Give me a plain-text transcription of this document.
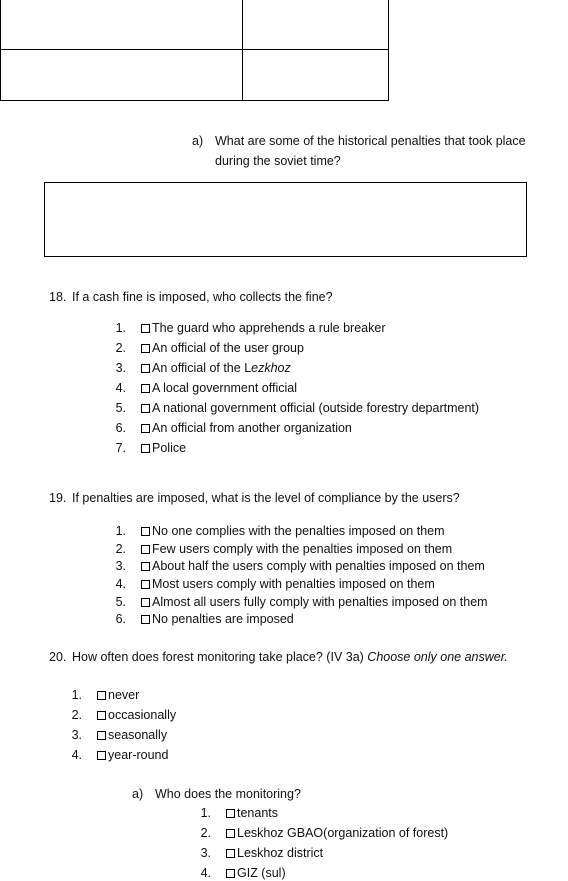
a) What are some of the historical penalties that took place
during the soviet time?
18. If a cash fine is imposed, who collects the fine?
1.	The guard who apprehends a rule breaker
2.	An official of the user group
3.	An official of the Lezkhoz
4.	A local government official
5.	A national government official (outside forestry department)
6.	An official from another organization
7.	Police
19. If penalties are imposed, what is the level of compliance by the users?
1.	No one complies with the penalties imposed on them
2.	Few users comply with the penalties imposed on them
3.	About half the users comply with penalties imposed on them
4.	Most users comply with penalties imposed on them
5.	Almost all users fully comply with penalties imposed on them
6.	No penalties are imposed
20. How often does forest monitoring take place? (IV 3a) Choose only one answer.
1.	never
2.	occasionally
3.	seasonally
4.	year-round
a) Who does the monitoring?
1.	tenants
2.	Leskhoz GBAO(organization of forest)
3.	Leskhoz district
4.	GIZ (sul)
